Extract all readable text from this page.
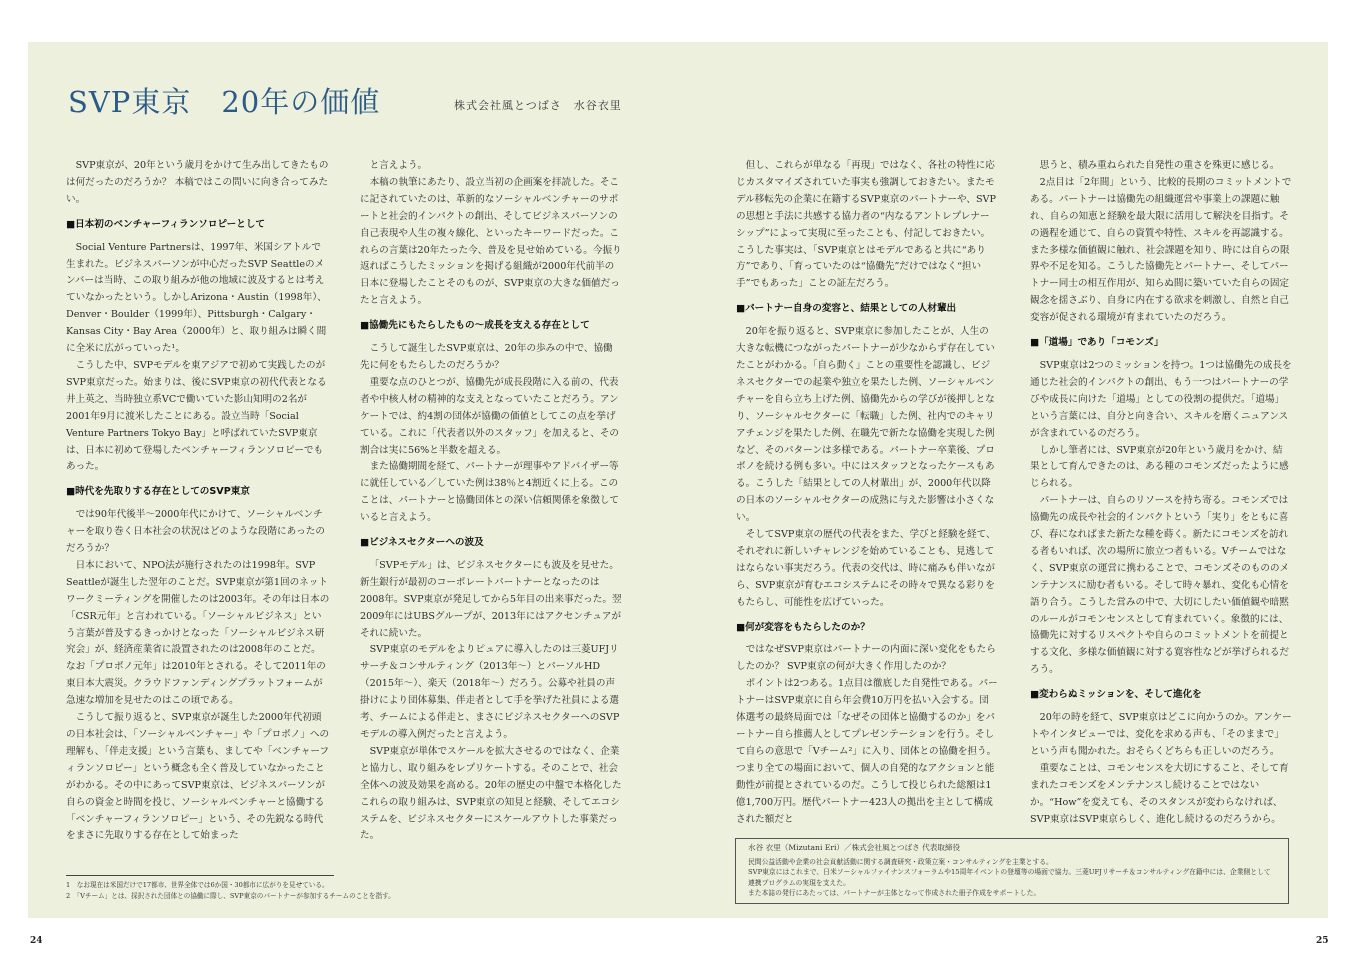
SVP東京　20年の価値	株式会社風とつばさ　水谷衣里

SVP東京が、20年という歳月をかけて生み出してきたものは何だったのだろうか？ 本稿ではこの問いに向き合ってみたい。

■日本初のベンチャーフィランソロピーとして

Social Venture Partnersは、1997年、米国シアトルで生まれた。ビジネスパーソンが中心だったSVP Seattleのメンバーは当時、この取り組みが他の地域に波及するとは考えていなかったという。しかしArizona・Austin（1998年）、Denver・Boulder（1999年）、Pittsburgh・Calgary・Kansas City・Bay Area（2000年）と、取り組みは瞬く間に全米に広がっていった¹。

こうした中、SVPモデルを東アジアで初めて実践したのがSVP東京だった。始まりは、後にSVP東京の初代代表となる井上英之、当時独立系VCで働いていた影山知明の2名が2001年9月に渡米したことにある。設立当時「Social Venture Partners Tokyo Bay」と呼ばれていたSVP東京は、日本に初めて登場したベンチャーフィランソロピーでもあった。

■時代を先取りする存在としてのSVP東京

では90年代後半〜2000年代にかけて、ソーシャルベンチャーを取り巻く日本社会の状況はどのような段階にあったのだろうか？

日本において、NPO法が施行されたのは1998年。SVP Seattleが誕生した翌年のことだ。SVP東京が第1回のネットワークミーティングを開催したのは2003年。その年は日本の「CSR元年」と言われている。「ソーシャルビジネス」という言葉が普及するきっかけとなった「ソーシャルビジネス研究会」が、経済産業省に設置されたのは2008年のことだ。なお「プロボノ元年」は2010年とされる。そして2011年の東日本大震災。クラウドファンディングプラットフォームが急速な増加を見せたのはこの頃である。

こうして振り返ると、SVP東京が誕生した2000年代初頭の日本社会は、「ソーシャルベンチャー」や「プロボノ」への理解も、「伴走支援」という言葉も、ましてや「ベンチャーフィランソロピー」という概念も全く普及していなかったことがわかる。その中にあってSVP東京は、ビジネスパーソンが自らの資金と時間を投じ、ソーシャルベンチャーと協働する「ベンチャーフィランソロピー」という、その先鋭なる時代をまさに先取りする存在として始まった

と言えよう。

本稿の執筆にあたり、設立当初の企画案を拝読した。そこに記されていたのは、革新的なソーシャルベンチャーのサポートと社会的インパクトの創出、そしてビジネスパーソンの自己表現や人生の複々線化、といったキーワードだった。これらの言葉は20年たった今、普及を見せ始めている。今振り返ればこうしたミッションを掲げる組織が2000年代前半の日本に登場したことそのものが、SVP東京の大きな価値だったと言えよう。

■協働先にもたらしたもの〜成長を支える存在として

こうして誕生したSVP東京は、20年の歩みの中で、協働先に何をもたらしたのだろうか？

重要な点のひとつが、協働先が成長段階に入る前の、代表者や中核人材の精神的な支えとなっていたことだろう。アンケートでは、約4割の団体が協働の価値としてこの点を挙げている。これに「代表者以外のスタッフ」を加えると、その割合は実に56%と半数を超える。

また協働期間を経て、パートナーが理事やアドバイザー等に就任している／していた例は38％と4割近くに上る。このことは、パートナーと協働団体との深い信頼関係を象徴していると言えよう。

■ビジネスセクターへの波及

「SVPモデル」は、ビジネスセクターにも波及を見せた。新生銀行が最初のコーポレートパートナーとなったのは2008年。SVP東京が発足してから5年目の出来事だった。翌2009年にはUBSグループが、2013年にはアクセンチュアがそれに続いた。

SVP東京のモデルをよりピュアに導入したのは三菱UFJリサーチ＆コンサルティング（2013年〜）とパーソルHD（2015年〜）、楽天（2018年〜）だろう。公募や社員の声掛けにより団体募集、伴走者として手を挙げた社員による選考、チームによる伴走と、まさにビジネスセクターへのSVPモデルの導入例だったと言えよう。

SVP東京が単体でスケールを拡大させるのではなく、企業と協力し、取り組みをレプリケートする。そのことで、社会全体への波及効果を高める。20年の歴史の中盤で本格化したこれらの取り組みは、SVP東京の知見と経験、そしてエコシステムを、ビジネスセクターにスケールアウトした事業だった。

但し、これらが単なる「再現」ではなく、各社の特性に応じカスタマイズされていた事実も強調しておきたい。またモデル移転先の企業に在籍するSVP東京のパートナーや、SVPの思想と手法に共感する協力者の“内なるアントレプレナーシップ”によって実現に至ったことも、付記しておきたい。こうした事実は、「SVP東京とはモデルであると共に“あり方”であり、「育っていたのは“協働先”だけではなく“担い手”でもあった」ことの証左だろう。

■パートナー自身の変容と、結果としての人材輩出

20年を振り返ると、SVP東京に参加したことが、人生の大きな転機につながったパートナーが少なからず存在していたことがわかる。「自ら動く」ことの重要性を認識し、ビジネスセクターでの起業や独立を果たした例、ソーシャルベンチャーを自ら立ち上げた例、協働先からの学びが後押しとなり、ソーシャルセクターに「転職」した例、社内でのキャリアチェンジを果たした例、在職先で新たな協働を実現した例など、そのパターンは多様である。パートナー卒業後、プロボノを続ける例も多い。中にはスタッフとなったケースもある。こうした「結果としての人材輩出」が、2000年代以降の日本のソーシャルセクターの成熟に与えた影響は小さくない。

そしてSVP東京の歴代の代表をまた、学びと経験を経て、それぞれに新しいチャレンジを始めていることも、見逃してはならない事実だろう。代表の交代は、時に痛みも伴いながら、SVP東京が育むエコシステムにその時々で異なる彩りをもたらし、可能性を広げていった。

■何が変容をもたらしたのか？

ではなぜSVP東京はパートナーの内面に深い変化をもたらしたのか？ SVP東京の何が大きく作用したのか？

ポイントは2つある。1点目は徹底した自発性である。パートナーはSVP東京に自ら年会費10万円を払い入会する。団体選考の最終局面では「なぜその団体と協働するのか」をパートナー自ら推薦人としてプレゼンテーションを行う。そして自らの意思で「Vチーム²」に入り、団体との協働を担う。つまり全ての場面において、個人の自発的なアクションと能動性が前提とされているのだ。こうして投じられた総額は1億1,700万円。歴代パートナー423人の拠出を主として構成された額だと

思うと、積み重ねられた自発性の重さを殊更に感じる。

2点目は「2年間」という、比較的長期のコミットメントである。パートナーは協働先の組織運営や事業上の課題に触れ、自らの知恵と経験を最大限に活用して解決を目指す。その過程を通じて、自らの資質や特性、スキルを再認識する。また多様な価値観に触れ、社会課題を知り、時には自らの限界や不足を知る。こうした協働先とパートナー、そしてパートナー同士の相互作用が、知らぬ間に築いていた自らの固定観念を揺さぶり、自身に内在する欲求を刺激し、自然と自己変容が促される環境が育まれていたのだろう。

■「道場」であり「コモンズ」

SVP東京は2つのミッションを持つ。1つは協働先の成長を通じた社会的インパクトの創出、もう一つはパートナーの学びや成長に向けた「道場」としての役割の提供だ。「道場」という言葉には、自分と向き合い、スキルを磨くニュアンスが含まれているのだろう。

しかし筆者には、SVP東京が20年という歳月をかけ、結果として育んできたのは、ある種のコモンズだったように感じられる。

パートナーは、自らのリソースを持ち寄る。コモンズでは協働先の成長や社会的インパクトという「実り」をともに喜び、春になればまた新たな種を蒔く。新たにコモンズを訪れる者もいれば、次の場所に旅立つ者もいる。Vチームではなく、SVP東京の運営に携わることで、コモンズそのもののメンテナンスに励む者もいる。そして時々暴れ、変化も心情を語り合う。こうした営みの中で、大切にしたい価値観や暗黙のルールがコモンセンスとして育まれていく。象徴的には、協働先に対するリスペクトや自らのコミットメントを前提とする文化、多様な価値観に対する寛容性などが挙げられるだろう。

■変わらぬミッションを、そして進化を

20年の時を経て、SVP東京はどこに向かうのか。アンケートやインタビューでは、変化を求める声も、「そのままで」という声も聞かれた。おそらくどちらも正しいのだろう。

重要なことは、コモンセンスを大切にすること、そして育まれたコモンズをメンテナンスし続けることではないか。“How”を変えても、そのスタンスが変わらなければ、SVP東京はSVP東京らしく、進化し続けるのだろうから。

1　なお現在は米国だけで17都市、世界全体では6か国・30都市に広がりを見せている。
2　「Vチーム」とは、採択された団体との協働に際し、SVP東京のパートナーが参加するチームのことを指す。
水谷 衣里（Mizutani Eri）／株式会社風とつばさ 代表取締役
民間公益活動や企業の社会貢献活動に関する調査研究・政策立案・コンサルティングを主業とする。
SVP東京にはこれまで、日米ソーシャルファイナンスフォーラムや15周年イベントの登壇等の場面で協力。三菱UFJリサーチ＆コンサルティング在籍中には、企業側として連携プログラムの実現を支えた。
また本誌の発行にあたっては、パートナーが主体となって作成された冊子作成をサポートした。
24	25
